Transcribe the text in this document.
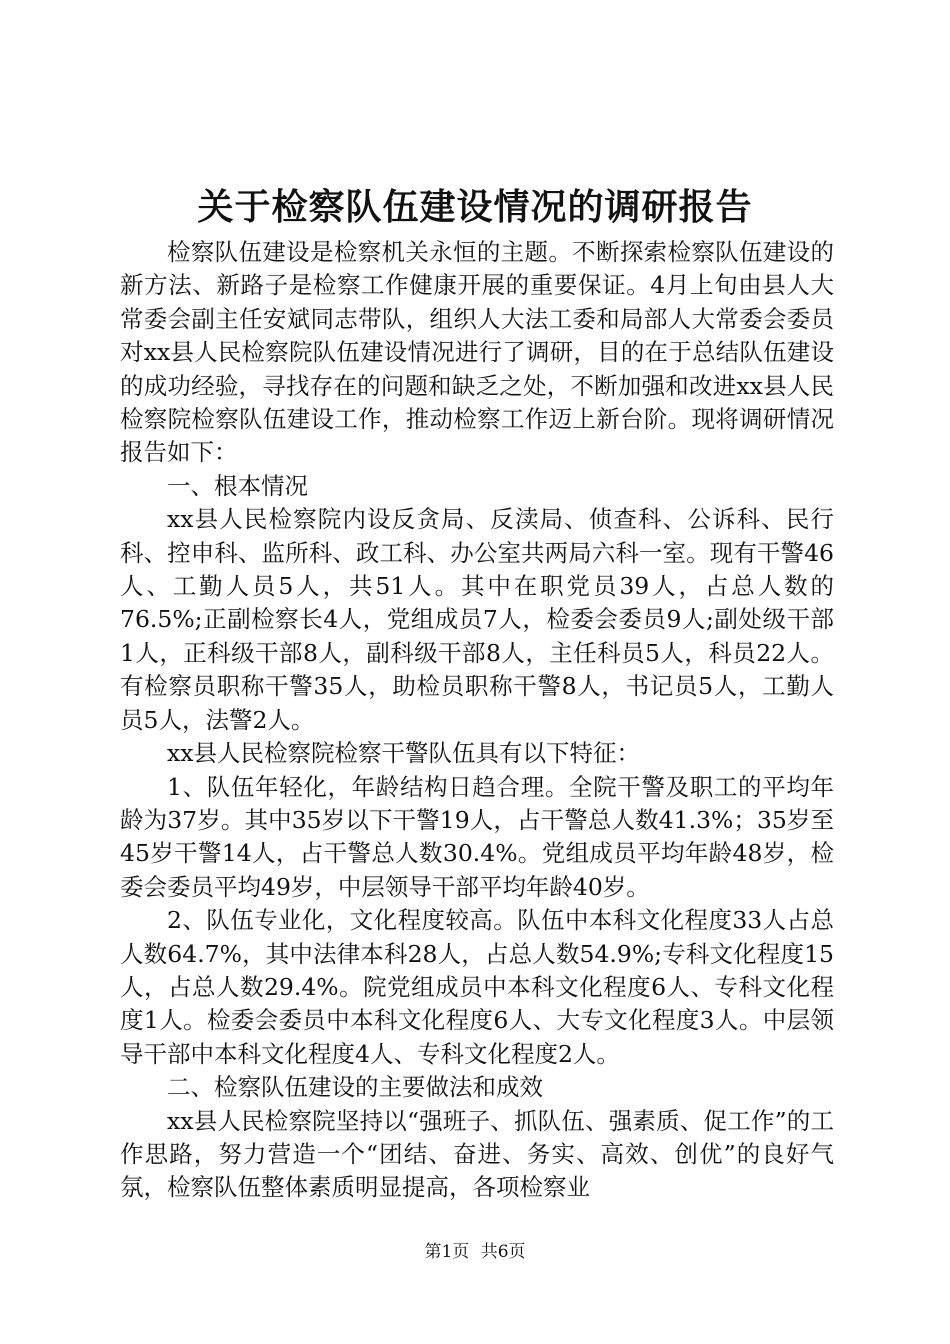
关于检察队伍建设情况的调研报告

检察队伍建设是检察机关永恒的主题。不断探索检察队伍建设的新方法、新路子是检察工作健康开展的重要保证。4月上旬由县人大常委会副主任安斌同志带队，组织人大法工委和局部人大常委会委员对xx县人民检察院队伍建设情况进行了调研，目的在于总结队伍建设的成功经验，寻找存在的问题和缺乏之处，不断加强和改进xx县人民检察院检察队伍建设工作，推动检察工作迈上新台阶。现将调研情况报告如下：

一、根本情况

xx县人民检察院内设反贪局、反渎局、侦查科、公诉科、民行科、控申科、监所科、政工科、办公室共两局六科一室。现有干警46人、工勤人员5人，共51人。其中在职党员39人，占总人数的76.5%;正副检察长4人，党组成员7人，检委会委员9人;副处级干部1人，正科级干部8人，副科级干部8人，主任科员5人，科员22人。有检察员职称干警35人，助检员职称干警8人，书记员5人，工勤人员5人，法警2人。

xx县人民检察院检察干警队伍具有以下特征：

1、队伍年轻化，年龄结构日趋合理。全院干警及职工的平均年龄为37岁。其中35岁以下干警19人，占干警总人数41.3%；35岁至45岁干警14人，占干警总人数30.4%。党组成员平均年龄48岁，检委会委员平均49岁，中层领导干部平均年龄40岁。

2、队伍专业化，文化程度较高。队伍中本科文化程度33人占总人数64.7%，其中法律本科28人，占总人数54.9%;专科文化程度15人，占总人数29.4%。院党组成员中本科文化程度6人、专科文化程度1人。检委会委员中本科文化程度6人、大专文化程度3人。中层领导干部中本科文化程度4人、专科文化程度2人。

二、检察队伍建设的主要做法和成效

xx县人民检察院坚持以“强班子、抓队伍、强素质、促工作”的工作思路，努力营造一个“团结、奋进、务实、高效、创优”的良好气氛，检察队伍整体素质明显提高，各项检察业

第1页 共6页
